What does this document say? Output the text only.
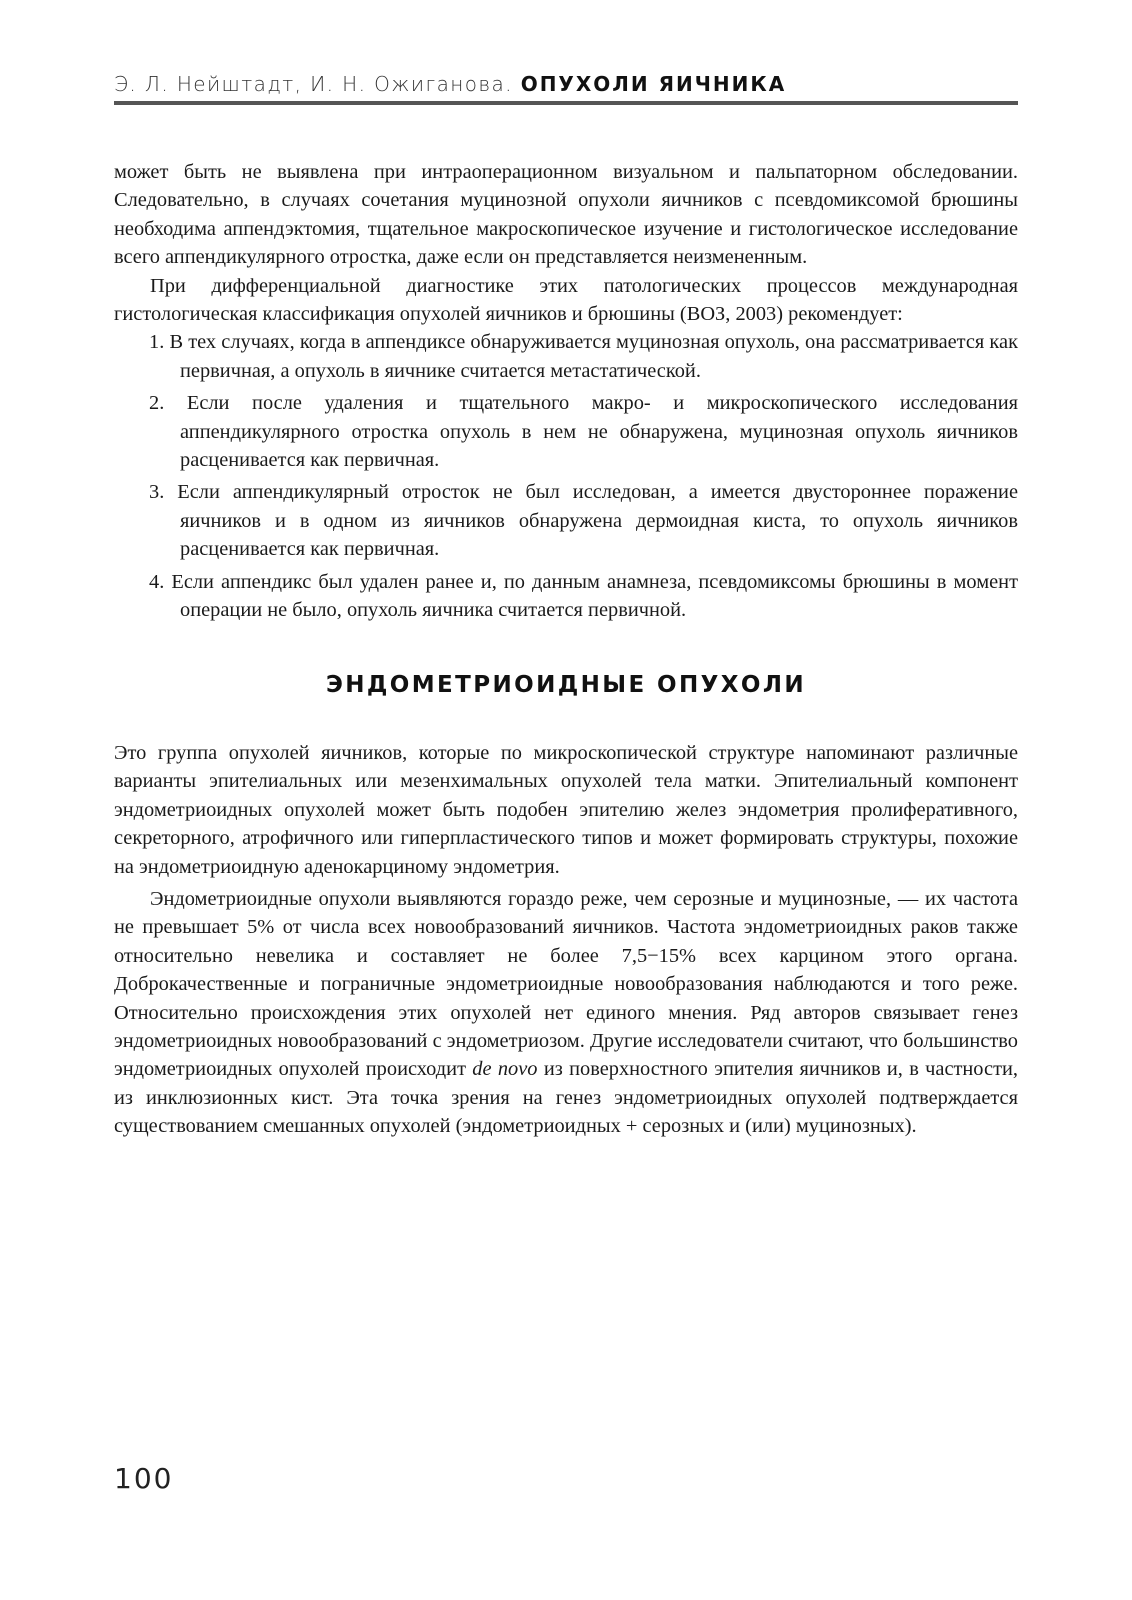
Э. Л. Нейштадт, И. Н. Ожиганова. ОПУХОЛИ ЯИЧНИКА

может быть не выявлена при интраоперационном визуальном и пальпаторном обследовании. Следовательно, в случаях сочетания муцинозной опухоли яичников с псевдомиксомой брюшины необходима аппендэктомия, тщательное макроскопическое изучение и гистологическое исследование всего аппендикулярного отростка, даже если он представляется неизмененным.

При дифференциальной диагностике этих патологических процессов международная гистологическая классификация опухолей яичников и брюшины (ВОЗ, 2003) рекомендует:

1. В тех случаях, когда в аппендиксе обнаруживается муцинозная опухоль, она рассматривается как первичная, а опухоль в яичнике считается метастатической.
2. Если после удаления и тщательного макро- и микроскопического исследования аппендикулярного отростка опухоль в нем не обнаружена, муцинозная опухоль яичников расценивается как первичная.
3. Если аппендикулярный отросток не был исследован, а имеется двустороннее поражение яичников и в одном из яичников обнаружена дермоидная киста, то опухоль яичников расценивается как первичная.
4. Если аппендикс был удален ранее и, по данным анамнеза, псевдомиксомы брюшины в момент операции не было, опухоль яичника считается первичной.
ЭНДОМЕТРИОИДНЫЕ ОПУХОЛИ

Это группа опухолей яичников, которые по микроскопической структуре напоминают различные варианты эпителиальных или мезенхимальных опухолей тела матки. Эпителиальный компонент эндометриоидных опухолей может быть подобен эпителию желез эндометрия пролиферативного, секреторного, атрофичного или гиперпластического типов и может формировать структуры, похожие на эндометриоидную аденокарциному эндометрия.

Эндометриоидные опухоли выявляются гораздо реже, чем серозные и муцинозные, — их частота не превышает 5% от числа всех новообразований яичников. Частота эндометриоидных раков также относительно невелика и составляет не более 7,5−15% всех карцином этого органа. Доброкачественные и пограничные эндометриоидные новообразования наблюдаются и того реже. Относительно происхождения этих опухолей нет единого мнения. Ряд авторов связывает генез эндометриоидных новообразований с эндометриозом. Другие исследователи считают, что большинство эндометриоидных опухолей происходит de novo из поверхностного эпителия яичников и, в частности, из инклюзионных кист. Эта точка зрения на генез эндометриоидных опухолей подтверждается существованием смешанных опухолей (эндометриоидных + серозных и (или) муцинозных).

100
